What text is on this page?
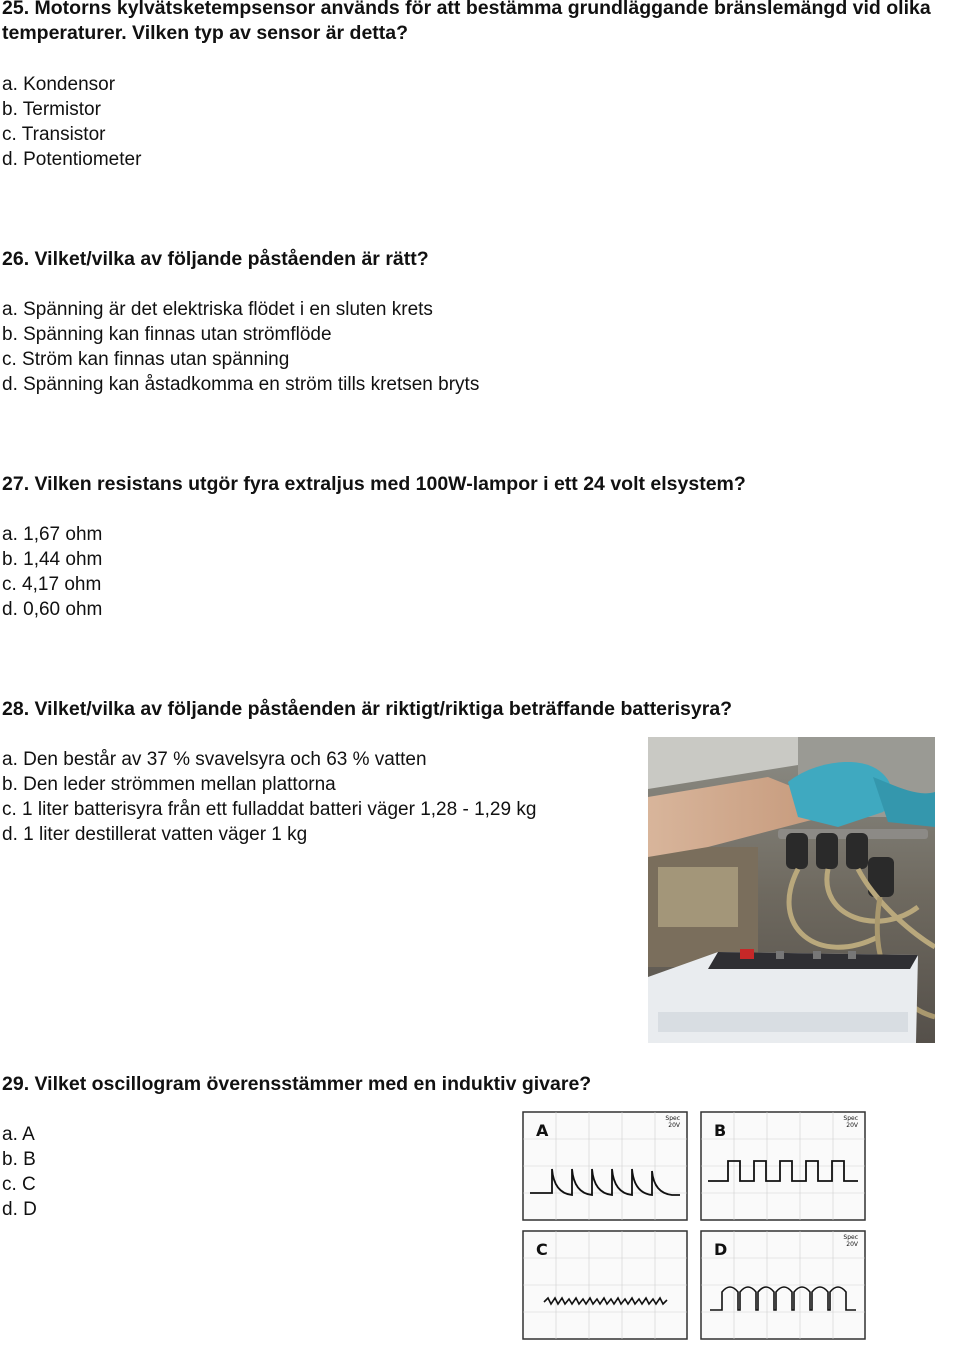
25. Motorns kylvätsketempsensor används för att bestämma grundläggande bränslemängd vid olika
temperaturer. Vilken typ av sensor är detta?

a. Kondensor
b. Termistor
c. Transistor
d. Potentiometer

26. Vilket/vilka av följande påståenden är rätt?

a. Spänning är det elektriska flödet i en sluten krets
b. Spänning kan finnas utan strömflöde
c. Ström kan finnas utan spänning
d. Spänning kan åstadkomma en ström tills kretsen bryts

27. Vilken resistans utgör fyra extraljus med 100W-lampor i ett 24 volt elsystem?

a. 1,67 ohm
b. 1,44 ohm
c. 4,17 ohm
d. 0,60 ohm

28. Vilket/vilka av följande påståenden är riktigt/riktiga beträffande batterisyra?

a. Den består av 37 % svavelsyra och 63 % vatten
b. Den leder strömmen mellan plattorna
c. 1 liter batterisyra från ett fulladdat batteri väger 1,28 - 1,29 kg
d. 1 liter destillerat vatten väger 1 kg

29. Vilket oscillogram överensstämmer med en induktiv givare?

a. A
b. B
c. C
d. D
A
Spec
20V B
Spec
20V
C	D
Spec
20V
